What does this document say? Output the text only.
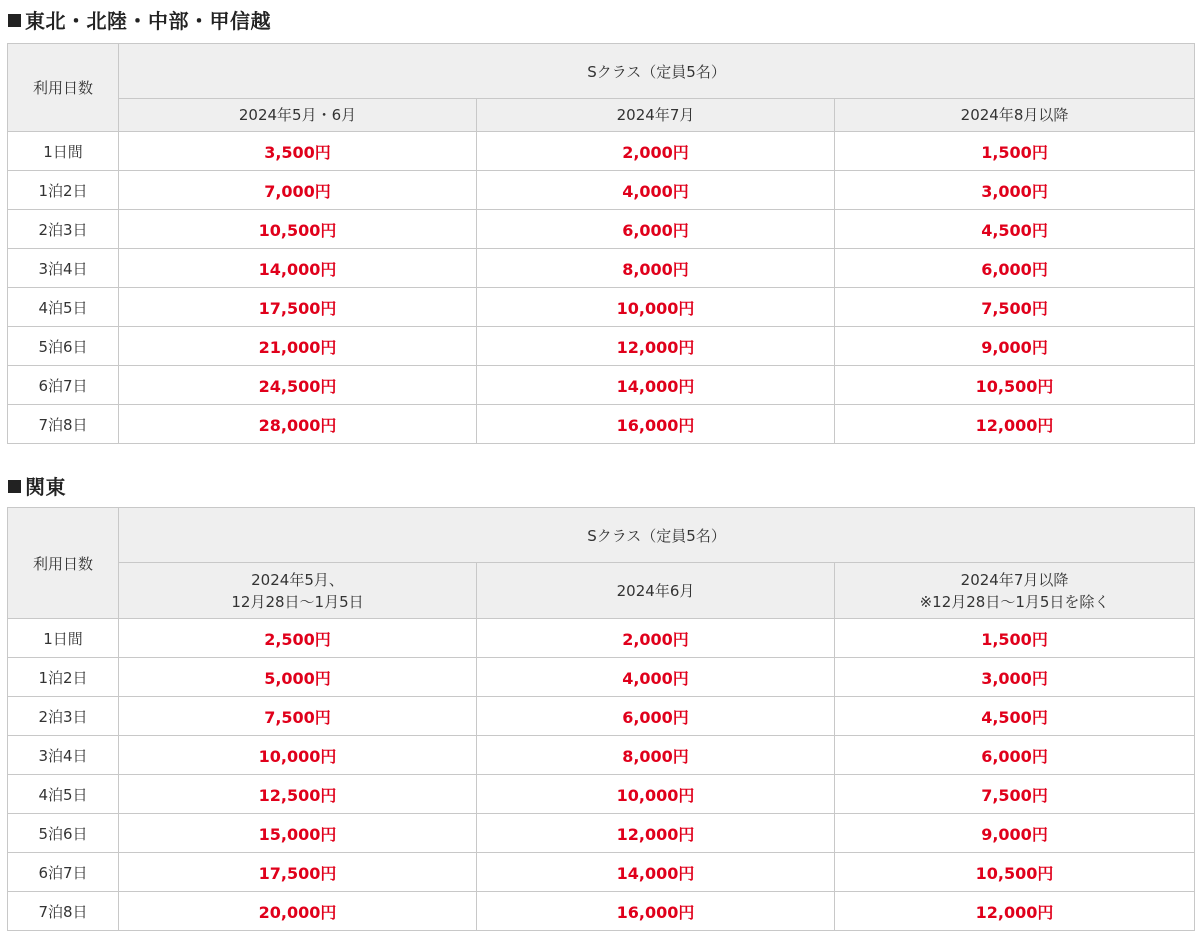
東北・北陸・中部・甲信越
利用日数	Sクラス（定員5名）		

	2024年5月・6月	2024年7月	2024年8月以降

1日間	3,500円	2,000円	1,500円
1泊2日	7,000円	4,000円	3,000円
2泊3日	10,500円	6,000円	4,500円
3泊4日	14,000円	8,000円	6,000円
4泊5日	17,500円	10,000円	7,500円
5泊6日	21,000円	12,000円	9,000円
6泊7日	24,500円	14,000円	10,500円
7泊8日	28,000円	16,000円	12,000円
関東
利用日数	Sクラス（定員5名）		

	2024年5月、
12月28日～1月5日	2024年6月	2024年7月以降
※12月28日～1月5日を除く

1日間	2,500円	2,000円	1,500円
1泊2日	5,000円	4,000円	3,000円
2泊3日	7,500円	6,000円	4,500円
3泊4日	10,000円	8,000円	6,000円
4泊5日	12,500円	10,000円	7,500円
5泊6日	15,000円	12,000円	9,000円
6泊7日	17,500円	14,000円	10,500円
7泊8日	20,000円	16,000円	12,000円
